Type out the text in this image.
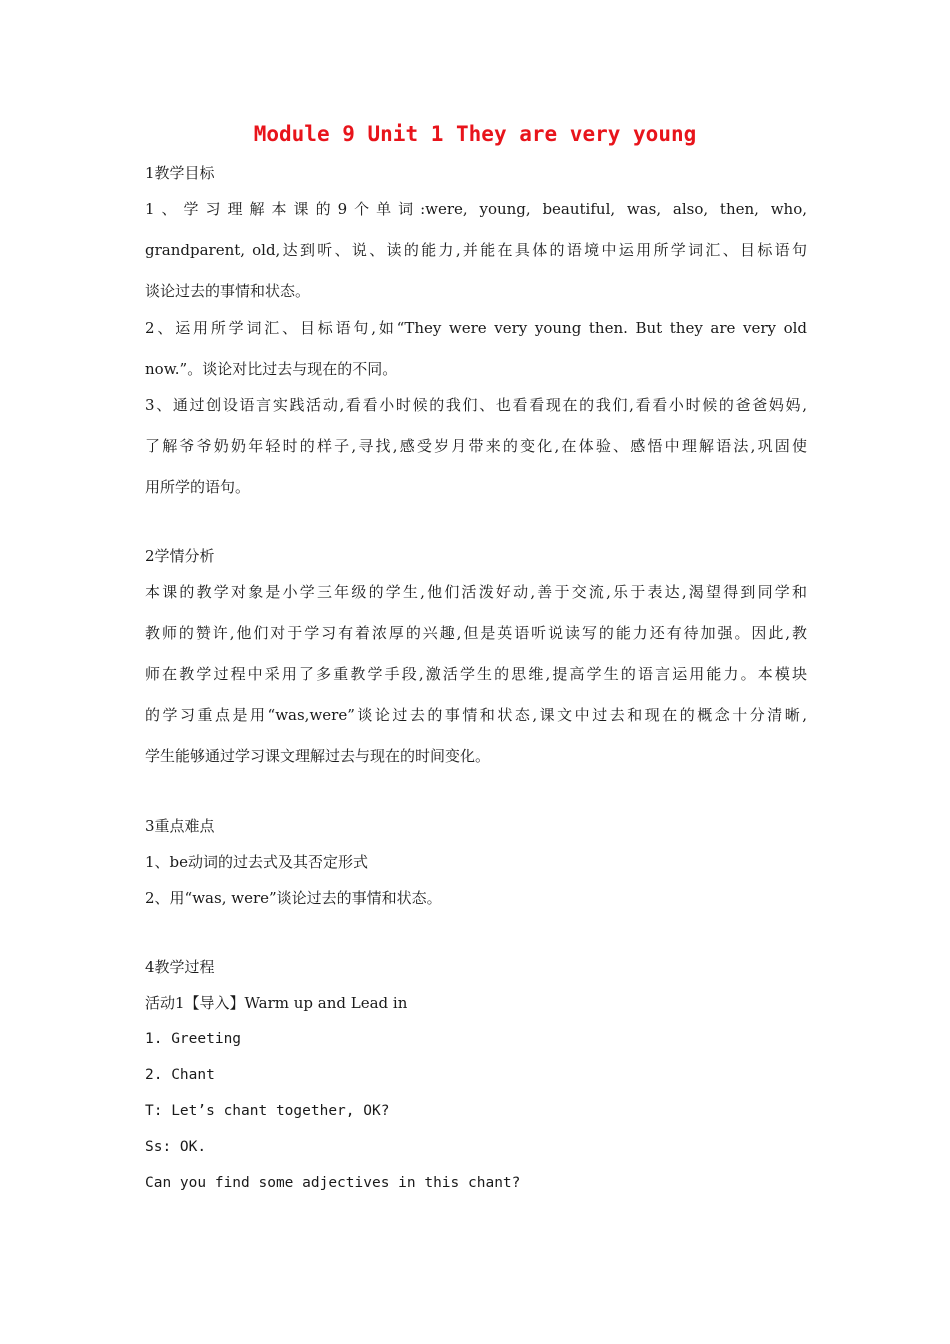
Module 9 Unit 1 They are very young
1教学目标
1、学习理解本课的9个单词:were, young, beautiful, was, also, then, who,
grandparent, old,达到听、说、读的能力,并能在具体的语境中运用所学词汇、目标语句
谈论过去的事情和状态。
2、运用所学词汇、目标语句,如“They were very young then. But they are very old
now.”。谈论对比过去与现在的不同。
3、通过创设语言实践活动,看看小时候的我们、也看看现在的我们,看看小时候的爸爸妈妈,
了解爷爷奶奶年轻时的样子,寻找,感受岁月带来的变化,在体验、感悟中理解语法,巩固使
用所学的语句。
2学情分析
本课的教学对象是小学三年级的学生,他们活泼好动,善于交流,乐于表达,渴望得到同学和
教师的赞许,他们对于学习有着浓厚的兴趣,但是英语听说读写的能力还有待加强。因此,教
师在教学过程中采用了多重教学手段,激活学生的思维,提高学生的语言运用能力。本模块
的学习重点是用“was,were”谈论过去的事情和状态,课文中过去和现在的概念十分清晰,
学生能够通过学习课文理解过去与现在的时间变化。
3重点难点
1、be动词的过去式及其否定形式
2、用“was, were”谈论过去的事情和状态。
4教学过程
活动1【导入】Warm up and Lead in
1. Greeting
2. Chant
T: Let’s chant together, OK?
Ss: OK.
Can you find some adjectives in this chant?
